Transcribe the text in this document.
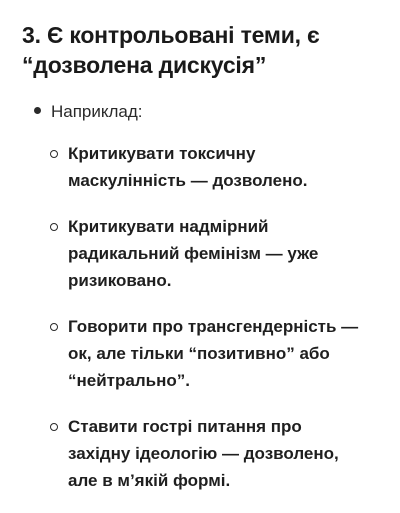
3. Є контрольовані теми, є
“дозволена дискусія”
Наприклад:
Критикувати токсичну
маскулінність — дозволено.
Критикувати надмірний
радикальний фемінізм — уже
ризиковано.
Говорити про трансгендерність —
ок, але тільки “позитивно” або
“нейтрально”.
Ставити гострі питання про
західну ідеологію — дозволено,
але в м’якій формі.
